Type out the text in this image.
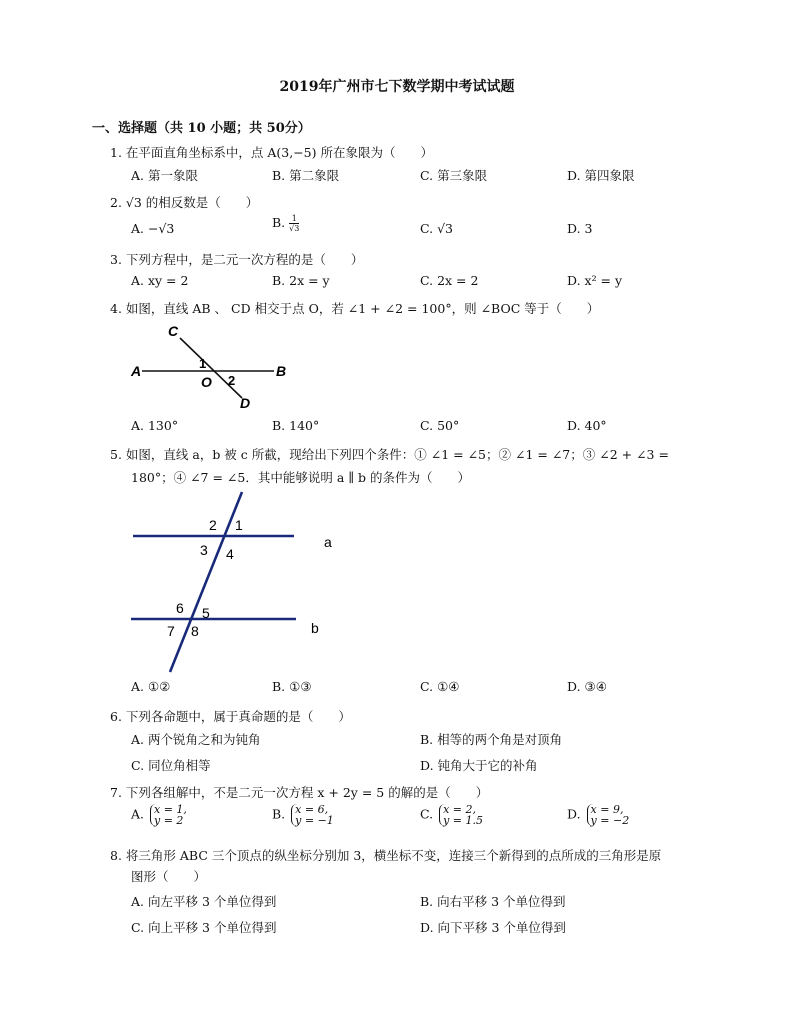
2019年广州市七下数学期中考试试题
一、选择题（共 10 小题；共 50分）
1. 在平面直角坐标系中，点 A(3,−5) 所在象限为（　　）
A. 第一象限	B. 第二象限	C. 第三象限	D. 第四象限
2. √3 的相反数是（　　）
A. −√3	B. $\frac{1}{√3}$	C. √3	D. 3
3. 下列方程中，是二元一次方程的是（　　）
A. xy = 2	B. 2x = y	C. 2x = 2	D. x² = y
4. 如图，直线 AB 、 CD 相交于点 O，若 ∠1 + ∠2 = 100°，则 ∠BOC 等于（　　）
A	B
C
D
O
1
2
A. 130°	B. 140°	C. 50°	D. 40°
5. 如图，直线 a，b 被 c 所截，现给出下列四个条件：① ∠1 = ∠5；② ∠1 = ∠7；③ ∠2 + ∠3 =
180°；④ ∠7 = ∠5．其中能够说明 a ∥ b 的条件为（　　）
a
b
1
2
3 4
5
6
7 8
A. ①②	B. ①③	C. ①④	D. ③④
6. 下列各命题中，属于真命题的是（　　）
A. 两个锐角之和为钝角	B. 相等的两个角是对顶角
C. 同位角相等	D. 钝角大于它的补角
7. 下列各组解中，不是二元一次方程 x + 2y = 5 的解的是（　　）
A. x = 1,
y = 2	B. x = 6,
y = −1	C. x = 2,
y = 1.5	D. x = 9,
y = −2
8. 将三角形 ABC 三个顶点的纵坐标分别加 3，横坐标不变，连接三个新得到的点所成的三角形是原
图形（　　）
A. 向左平移 3 个单位得到	B. 向右平移 3 个单位得到
C. 向上平移 3 个单位得到	D. 向下平移 3 个单位得到
